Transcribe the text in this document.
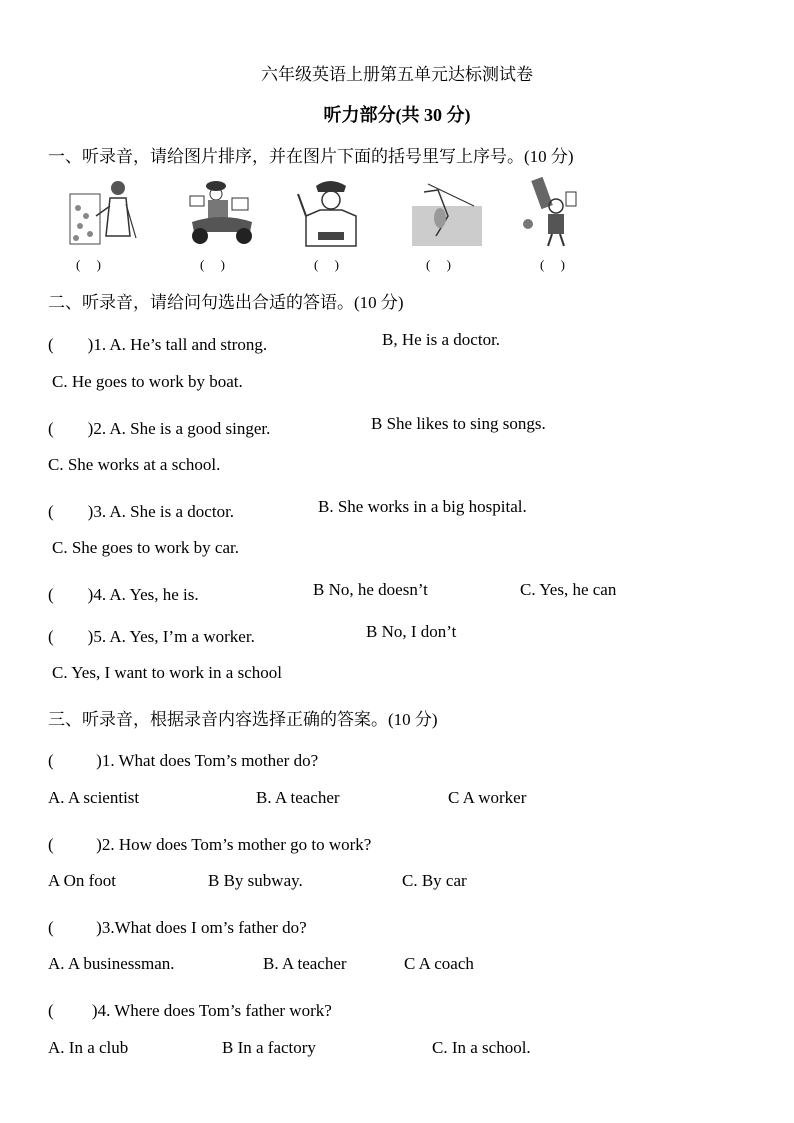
六年级英语上册第五单元达标测试卷
听力部分(共 30 分)
一、听录音，请给图片排序，并在图片下面的括号里写上序号。(10 分)
(　 )	(　 )	(　 )	(　 )	(　 )
二、听录音，请给问句选出合适的答语。(10 分)
(　　)1. A. He’s tall and strong.	B, He is a doctor.
C. He goes to work by boat.
(　　)2. A. She is a good singer.	B She likes to sing songs.
C. She works at a school.
(　　)3. A. She is a doctor.	B. She works in a big hospital.
C. She goes to work by car.
(　　)4. A. Yes, he is.	B No, he doesn’t	C. Yes, he can
(　　)5. A. Yes, I’m a worker.	B No, I don’t
C. Yes, I want to work in a school
三、听录音，根据录音内容选择正确的答案。(10 分)
(　　 )1. What does Tom’s mother do?
A. A scientist	B. A teacher	C A worker
(　　 )2. How does Tom’s mother go to work?
A On foot	B By subway.	C. By car
(　　 )3.What does I om’s father do?
A. A businessman.	B. A teacher	C A coach
(　　 )4. Where does Tom’s father work?
A. In a club	B In a factory	C. In a school.
